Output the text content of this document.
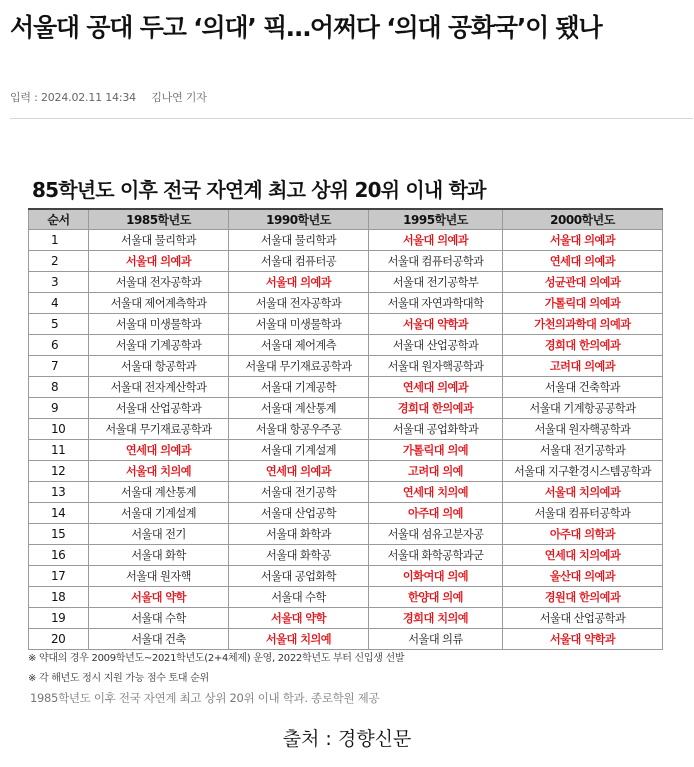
서울대 공대 두고 ‘의대’ 픽…어쩌다 ‘의대 공화국’이 됐나
입력 : 2024.02.11 14:34 김나연 기자
85학년도 이후 전국 자연계 최고 상위 20위 이내 학과
순서	1985학년도	1990학년도	1995학년도	2000학년도
1	서울대 물리학과	서울대 물리학과	서울대 의예과	서울대 의예과
2	서울대 의예과	서울대 컴퓨터공	서울대 컴퓨터공학과	연세대 의예과
3	서울대 전자공학과	서울대 의예과	서울대 전기공학부	성균관대 의예과
4	서울대 제어계측학과	서울대 전자공학과	서울대 자연과학대학	가톨릭대 의예과
5	서울대 미생물학과	서울대 미생물학과	서울대 약학과	가천의과학대 의예과
6	서울대 기계공학과	서울대 제어계측	서울대 산업공학과	경희대 한의예과
7	서울대 항공학과	서울대 무기재료공학과	서울대 원자핵공학과	고려대 의예과
8	서울대 전자계산학과	서울대 기계공학	연세대 의예과	서울대 건축학과
9	서울대 산업공학과	서울대 계산통계	경희대 한의예과	서울대 기계항공공학과
10	서울대 무기재료공학과	서울대 항공우주공	서울대 공업화학과	서울대 원자핵공학과
11	연세대 의예과	서울대 기계설계	가톨릭대 의예	서울대 전기공학과
12	서울대 치의예	연세대 의예과	고려대 의예	서울대 지구환경시스템공학과
13	서울대 계산통계	서울대 전기공학	연세대 치의예	서울대 치의예과
14	서울대 기계설계	서울대 산업공학	아주대 의예	서울대 컴퓨터공학과
15	서울대 전기	서울대 화학과	서울대 섬유고분자공	아주대 의학과
16	서울대 화학	서울대 화학공	서울대 화학공학과군	연세대 치의예과
17	서울대 원자핵	서울대 공업화학	이화여대 의예	울산대 의예과
18	서울대 약학	서울대 수학	한양대 의예	경원대 한의예과
19	서울대 수학	서울대 약학	경희대 치의예	서울대 산업공학과
20	서울대 건축	서울대 치의예	서울대 의류	서울대 약학과
※ 약대의 경우 2009학년도~2021학년도(2+4체제) 운영, 2022학년도 부터 신입생 선발
※ 각 해년도 정시 지원 가능 점수 토대 순위
1985학년도 이후 전국 자연계 최고 상위 20위 이내 학과. 종로학원 제공
출처 : 경향신문
